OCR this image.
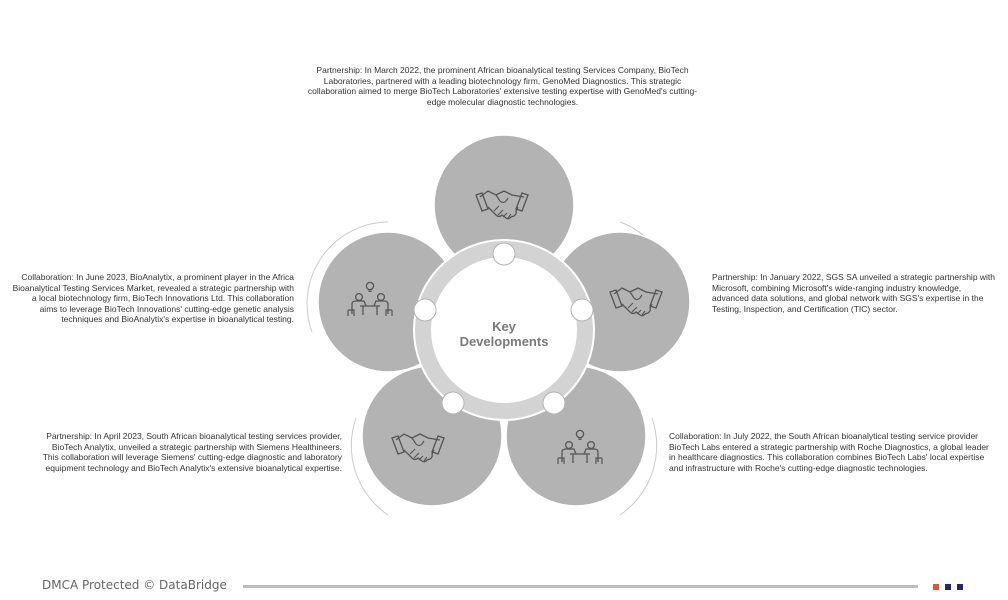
Key
Developments

Partnership: In March 2022, the prominent African bioanalytical testing Services Company, BioTech Laboratories, partnered with a leading biotechnology firm, GenoMed Diagnostics. This strategic collaboration aimed to merge BioTech Laboratories' extensive testing expertise with GenoMed's cutting-edge molecular diagnostic technologies.

Partnership: In January 2022, SGS SA unveiled a strategic partnership with Microsoft, combining Microsoft's wide-ranging industry knowledge, advanced data solutions, and global network with SGS's expertise in the Testing, Inspection, and Certification (TIC) sector.

Collaboration: In June 2023, BioAnalytix, a prominent player in the Africa Bioanalytical Testing Services Market, revealed a strategic partnership with a local biotechnology firm, BioTech Innovations Ltd. This collaboration aims to leverage BioTech Innovations' cutting-edge genetic analysis techniques and BioAnalytix's expertise in bioanalytical testing.

Partnership: In April 2023, South African bioanalytical testing services provider, BioTech Analytix, unveiled a strategic partnership with Siemens Healthineers. This collaboration will leverage Siemens' cutting-edge diagnostic and laboratory equipment technology and BioTech Analytix's extensive bioanalytical expertise.

Collaboration: In July 2022, the South African bioanalytical testing service provider BioTech Labs entered a strategic partnership with Roche Diagnostics, a global leader in healthcare diagnostics. This collaboration combines BioTech Labs' local expertise and infrastructure with Roche's cutting-edge diagnostic technologies.

DMCA Protected © DataBridge
